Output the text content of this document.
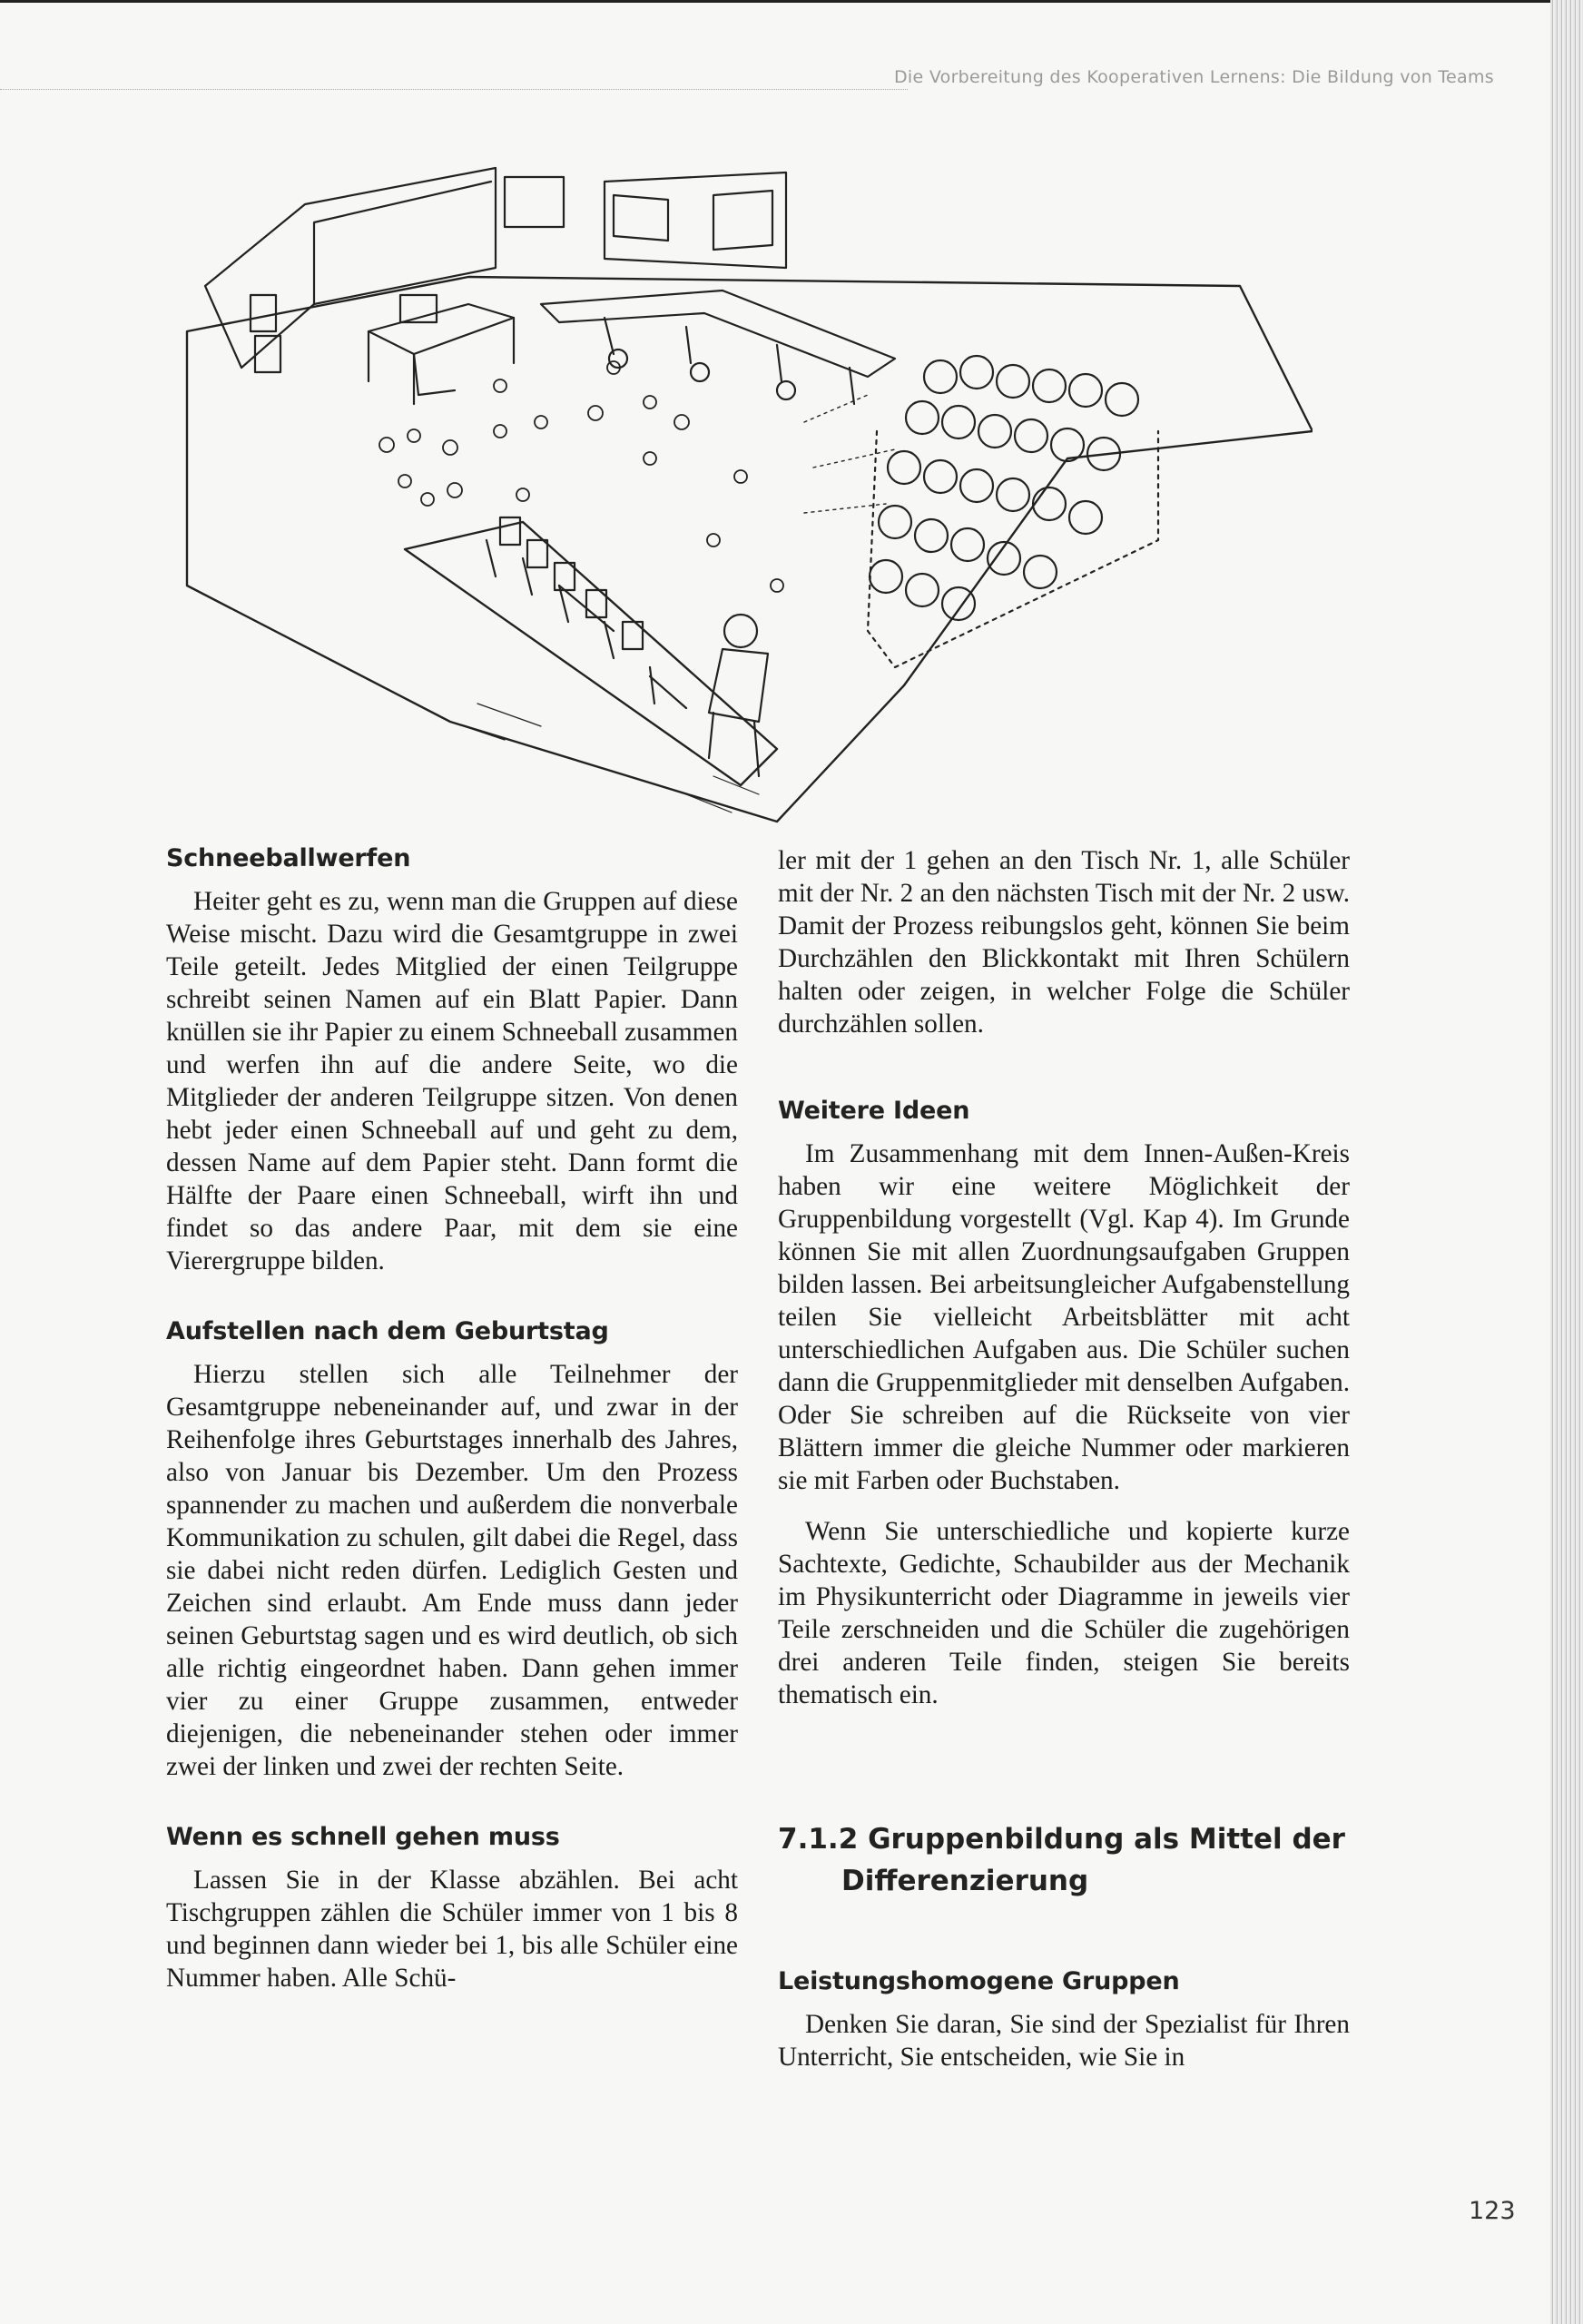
Die Vorbereitung des Kooperativen Lernens: Die Bildung von Teams
Schneeballwerfen

Heiter geht es zu, wenn man die Gruppen auf diese Weise mischt. Dazu wird die Gesamtgruppe in zwei Teile geteilt. Jedes Mitglied der einen Teilgruppe schreibt seinen Namen auf ein Blatt Papier. Dann knüllen sie ihr Papier zu einem Schneeball zusammen und werfen ihn auf die andere Seite, wo die Mitglieder der anderen Teilgruppe sitzen. Von denen hebt jeder einen Schneeball auf und geht zu dem, dessen Name auf dem Papier steht. Dann formt die Hälfte der Paare einen Schneeball, wirft ihn und findet so das andere Paar, mit dem sie eine Vierergruppe bilden.

Aufstellen nach dem Geburtstag

Hierzu stellen sich alle Teilnehmer der Gesamtgruppe nebeneinander auf, und zwar in der Reihenfolge ihres Geburtstages innerhalb des Jahres, also von Januar bis Dezember. Um den Prozess spannender zu machen und außerdem die nonverbale Kommunikation zu schulen, gilt dabei die Regel, dass sie dabei nicht reden dürfen. Lediglich Gesten und Zeichen sind erlaubt. Am Ende muss dann jeder seinen Geburtstag sagen und es wird deutlich, ob sich alle richtig eingeordnet haben. Dann gehen immer vier zu einer Gruppe zusammen, entweder diejenigen, die nebeneinander stehen oder immer zwei der linken und zwei der rechten Seite.

Wenn es schnell gehen muss

Lassen Sie in der Klasse abzählen. Bei acht Tischgruppen zählen die Schüler immer von 1 bis 8 und beginnen dann wieder bei 1, bis alle Schüler eine Nummer haben. Alle Schü-

ler mit der 1 gehen an den Tisch Nr. 1, alle Schüler mit der Nr. 2 an den nächsten Tisch mit der Nr. 2 usw. Damit der Prozess reibungslos geht, können Sie beim Durchzählen den Blickkontakt mit Ihren Schülern halten oder zeigen, in welcher Folge die Schüler durchzählen sollen.

Weitere Ideen

Im Zusammenhang mit dem Innen-Außen-Kreis haben wir eine weitere Möglichkeit der Gruppenbildung vorgestellt (Vgl. Kap 4). Im Grunde können Sie mit allen Zuordnungsaufgaben Gruppen bilden lassen. Bei arbeitsungleicher Aufgabenstellung teilen Sie vielleicht Arbeitsblätter mit acht unterschiedlichen Aufgaben aus. Die Schüler suchen dann die Gruppenmitglieder mit denselben Aufgaben. Oder Sie schreiben auf die Rückseite von vier Blättern immer die gleiche Nummer oder markieren sie mit Farben oder Buchstaben.

Wenn Sie unterschiedliche und kopierte kurze Sachtexte, Gedichte, Schaubilder aus der Mechanik im Physikunterricht oder Diagramme in jeweils vier Teile zerschneiden und die Schüler die zugehörigen drei anderen Teile finden, steigen Sie bereits thematisch ein.

7.1.2 Gruppenbildung als Mittel der
Differenzierung
Leistungshomogene Gruppen

Denken Sie daran, Sie sind der Spezialist für Ihren Unterricht, Sie entscheiden, wie Sie in

123
